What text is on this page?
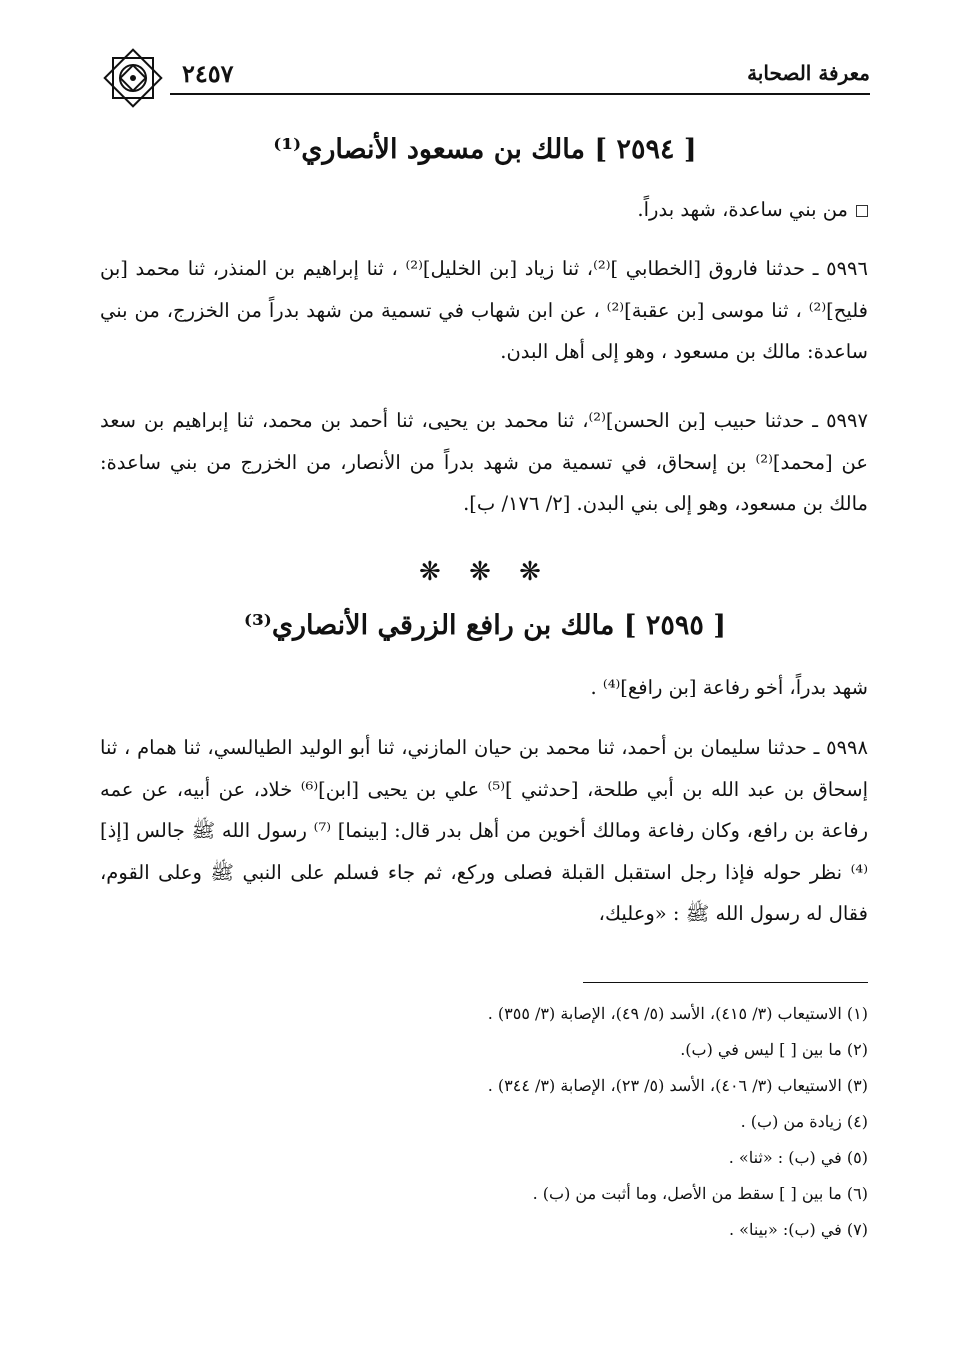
٢٤٥٧	معرفة الصحابة
[ ٢٥٩٤ ] مالك بن مسعود الأنصاري⁽¹⁾
من بني ساعدة، شهد بدراً.
٥٩٩٦ ـ حدثنا فاروق [الخطابي ]⁽²⁾، ثنا زياد [بن الخليل]⁽²⁾ ، ثنا إبراهيم بن المنذر، ثنا محمد [بن فليح]⁽²⁾ ، ثنا موسى [بن عقبة]⁽²⁾ ، عن ابن شهاب في تسمية من شهد بدراً من الخزرج، من بني ساعدة: مالك بن مسعود ، وهو إلى أهل البدن.
٥٩٩٧ ـ حدثنا حبيب [بن الحسن]⁽²⁾، ثنا محمد بن يحيى، ثنا أحمد بن محمد، ثنا إبراهيم بن سعد عن [محمد]⁽²⁾ بن إسحاق، في تسمية من شهد بدراً من الأنصار، من الخزرج من بني ساعدة: مالك بن مسعود، وهو إلى بني البدن. [٢/ ١٧٦/ ب].
❋ ❋ ❋
[ ٢٥٩٥ ] مالك بن رافع الزرقي الأنصاري⁽³⁾
شهد بدراً، أخو رفاعة [بن رافع]⁽⁴⁾ .
٥٩٩٨ ـ حدثنا سليمان بن أحمد، ثنا محمد بن حيان المازني، ثنا أبو الوليد الطيالسي، ثنا همام ، ثنا إسحاق بن عبد الله بن أبي طلحة، [حدثني ]⁽⁵⁾ علي بن يحيى [ابن]⁽⁶⁾ خلاد، عن أبيه، عن عمه رفاعة بن رافع، وكان رفاعة ومالك أخوين من أهل بدر قال: [بينما] ⁽⁷⁾ رسول الله ﷺ جالس [إذ]⁽⁴⁾ نظر حوله فإذا رجل استقبل القبلة فصلى وركع، ثم جاء فسلم على النبي ﷺ وعلى القوم، فقال له رسول الله ﷺ : «وعليك،
(١) الاستيعاب (٣/ ٤١٥)، الأسد (٥/ ٤٩)، الإصابة (٣/ ٣٥٥) .
(٢) ما بين [ ] ليس في (ب).
(٣) الاستيعاب (٣/ ٤٠٦)، الأسد (٥/ ٢٣)، الإصابة (٣/ ٣٤٤) .
(٤) زيادة من (ب) .
(٥) في (ب) : «ثنا» .
(٦) ما بين [ ] سقط من الأصل، وما أثبت من (ب) .
(٧) في (ب): «بينا» .
